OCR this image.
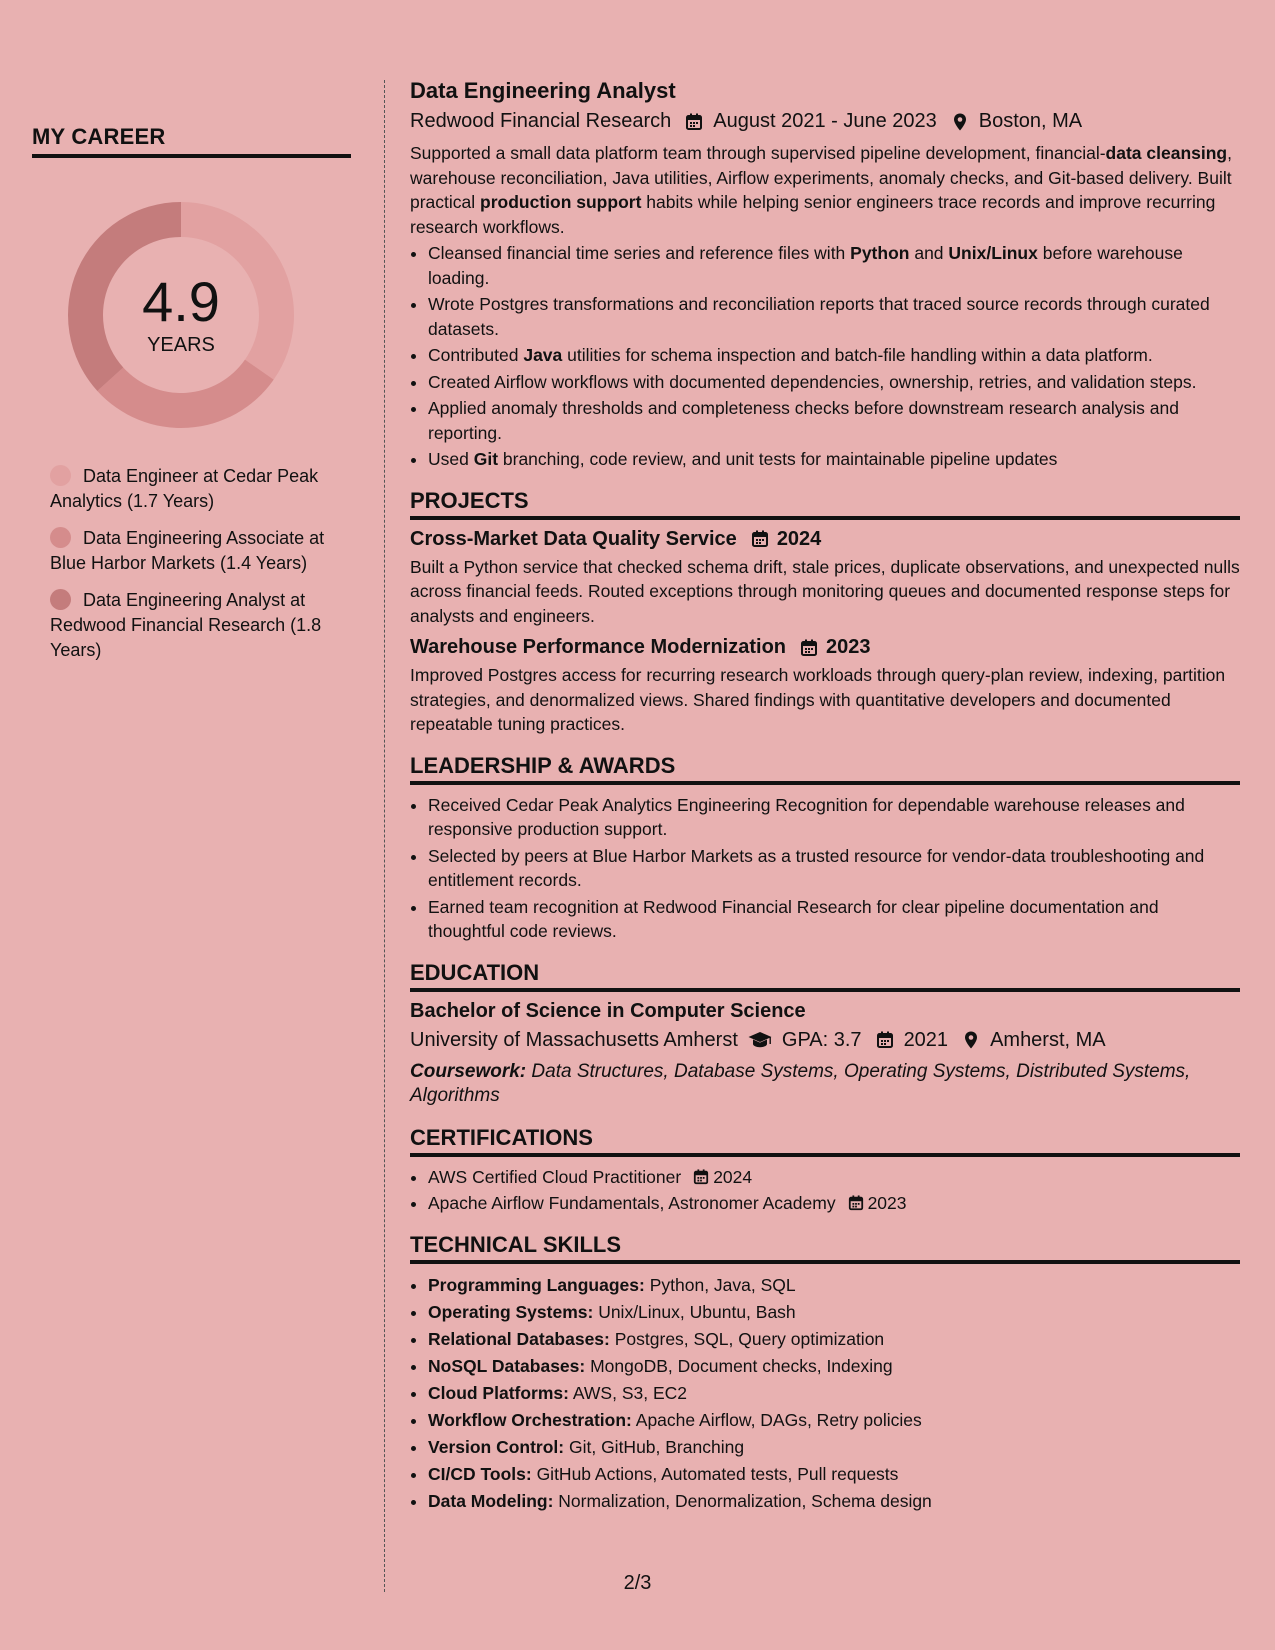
MY CAREER
4.9
YEARS
Data Engineer at Cedar Peak Analytics (1.7 Years)
Data Engineering Associate at Blue Harbor Markets (1.4 Years)
Data Engineering Analyst at Redwood Financial Research (1.8 Years)
Data Engineering Analyst
Redwood Financial Research August 2021 - June 2023 Boston, MA

Supported a small data platform team through supervised pipeline development, financial-data cleansing, warehouse reconciliation, Java utilities, Airflow experiments, anomaly checks, and Git-based delivery. Built practical production support habits while helping senior engineers trace records and improve recurring research workflows.

• Cleansed financial time series and reference files with Python and Unix/Linux before warehouse loading.
• Wrote Postgres transformations and reconciliation reports that traced source records through curated datasets.
• Contributed Java utilities for schema inspection and batch-file handling within a data platform.
• Created Airflow workflows with documented dependencies, ownership, retries, and validation steps.
• Applied anomaly thresholds and completeness checks before downstream research analysis and reporting.
• Used Git branching, code review, and unit tests for maintainable pipeline updates
PROJECTS
Cross-Market Data Quality Service 2024

Built a Python service that checked schema drift, stale prices, duplicate observations, and unexpected nulls across financial feeds. Routed exceptions through monitoring queues and documented response steps for analysts and engineers.

Warehouse Performance Modernization 2023

Improved Postgres access for recurring research workloads through query-plan review, indexing, partition strategies, and denormalized views. Shared findings with quantitative developers and documented repeatable tuning practices.

LEADERSHIP & AWARDS
• Received Cedar Peak Analytics Engineering Recognition for dependable warehouse releases and responsive production support.
• Selected by peers at Blue Harbor Markets as a trusted resource for vendor-data troubleshooting and entitlement records.
• Earned team recognition at Redwood Financial Research for clear pipeline documentation and thoughtful code reviews.
EDUCATION
Bachelor of Science in Computer Science
University of Massachusetts Amherst GPA: 3.7 2021 Amherst, MA
Coursework: Data Structures, Database Systems, Operating Systems, Distributed Systems, Algorithms
CERTIFICATIONS
• AWS Certified Cloud Practitioner 2024
• Apache Airflow Fundamentals, Astronomer Academy 2023
TECHNICAL SKILLS
• Programming Languages: Python, Java, SQL
• Operating Systems: Unix/Linux, Ubuntu, Bash
• Relational Databases: Postgres, SQL, Query optimization
• NoSQL Databases: MongoDB, Document checks, Indexing
• Cloud Platforms: AWS, S3, EC2
• Workflow Orchestration: Apache Airflow, DAGs, Retry policies
• Version Control: Git, GitHub, Branching
• CI/CD Tools: GitHub Actions, Automated tests, Pull requests
• Data Modeling: Normalization, Denormalization, Schema design
2/3
